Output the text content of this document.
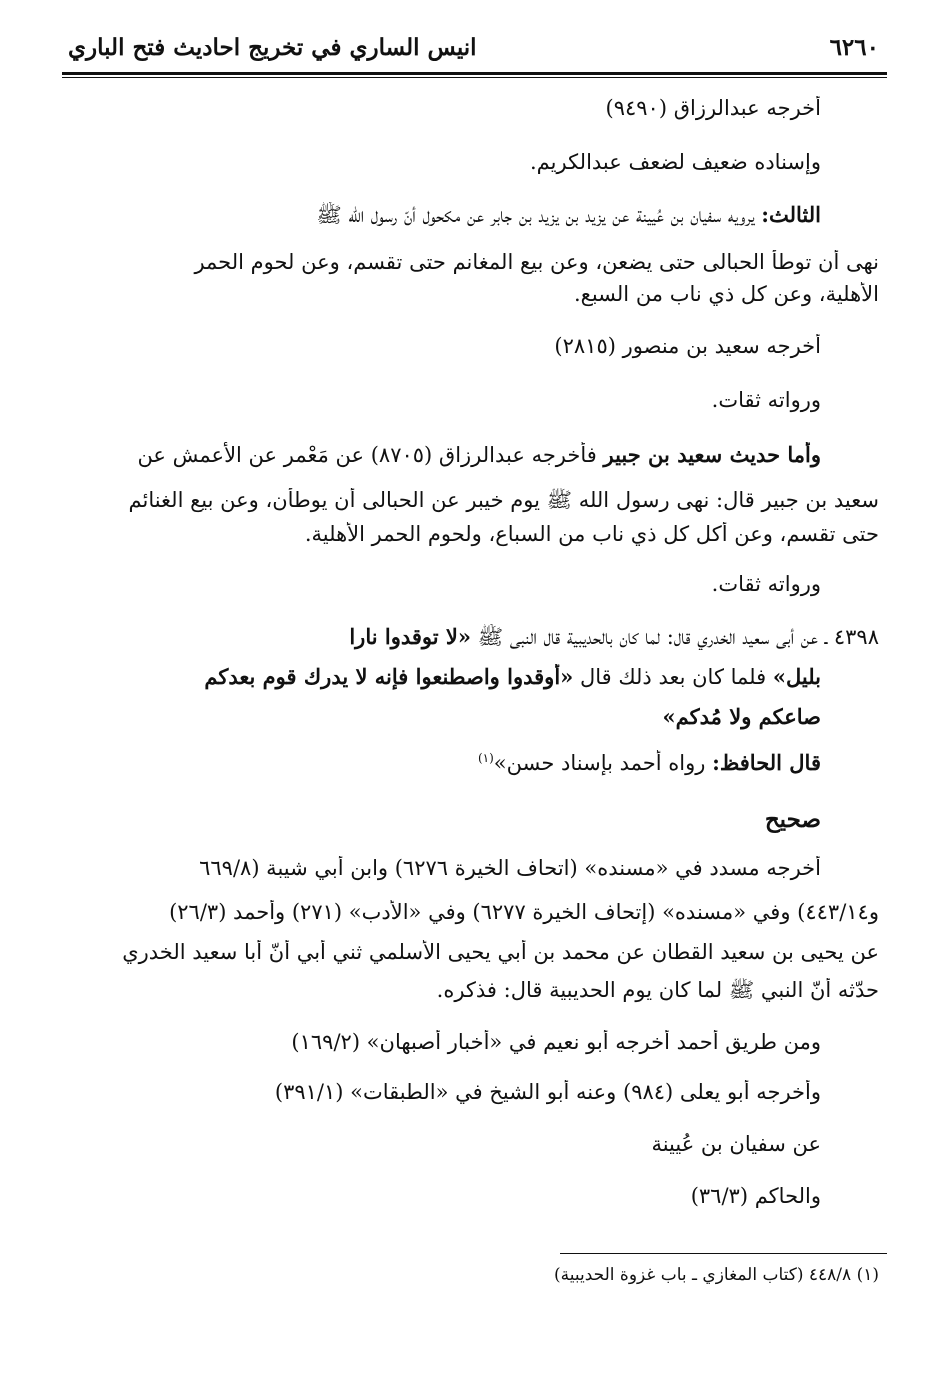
٦٢٦٠
انيس الساري في تخريج احاديث فتح الباري
أخرجه عبدالرزاق (٩٤٩٠)
وإسناده ضعيف لضعف عبدالكريم.
الثالث: يرويه سفيان بن عُيينة عن يزيد بن يزيد بن جابر عن مكحول أنّ رسول الله ﷺ
نهى أن توطأ الحبالى حتى يضعن، وعن بيع المغانم حتى تقسم، وعن لحوم الحمر
الأهلية، وعن كل ذي ناب من السبع.
أخرجه سعيد بن منصور (٢٨١٥)
ورواته ثقات.
وأما حديث سعيد بن جبير فأخرجه عبدالرزاق (٨٧٠٥) عن مَعْمر عن الأعمش عن
سعيد بن جبير قال: نهى رسول الله ﷺ يوم خيبر عن الحبالى أن يوطأن، وعن بيع الغنائم
حتى تقسم، وعن أكل كل ذي ناب من السباع، ولحوم الحمر الأهلية.
ورواته ثقات.
٤٣٩٨ ـ عن أبي سعيد الخدري قال: لما كان بالحديبية قال النبي ﷺ «لا توقدوا نارا
بليل» فلما كان بعد ذلك قال «أوقدوا واصطنعوا فإنه لا يدرك قوم بعدكم
صاعكم ولا مُدكم»
قال الحافظ: رواه أحمد بإسناد حسن»$^{(١)}$
صحيح
أخرجه مسدد في «مسنده» (اتحاف الخيرة ٦٢٧٦) وابن أبي شيبة (٦٦٩/٨
و٤٤٣/١٤) وفي «مسنده» (إتحاف الخيرة ٦٢٧٧) وفي «الأدب» (٢٧١) وأحمد (٢٦/٣)
عن يحيى بن سعيد القطان عن محمد بن أبي يحيى الأسلمي ثني أبي أنّ أبا سعيد الخدري
حدّثه أنّ النبي ﷺ لما كان يوم الحديبية قال: فذكره.
ومن طريق أحمد أخرجه أبو نعيم في «أخبار أصبهان» (١٦٩/٢)
وأخرجه أبو يعلى (٩٨٤) وعنه أبو الشيخ في «الطبقات» (٣٩١/١)
عن سفيان بن عُيينة
والحاكم (٣٦/٣)
(١) ٤٤٨/٨ (كتاب المغازي ـ باب غزوة الحديبية)
